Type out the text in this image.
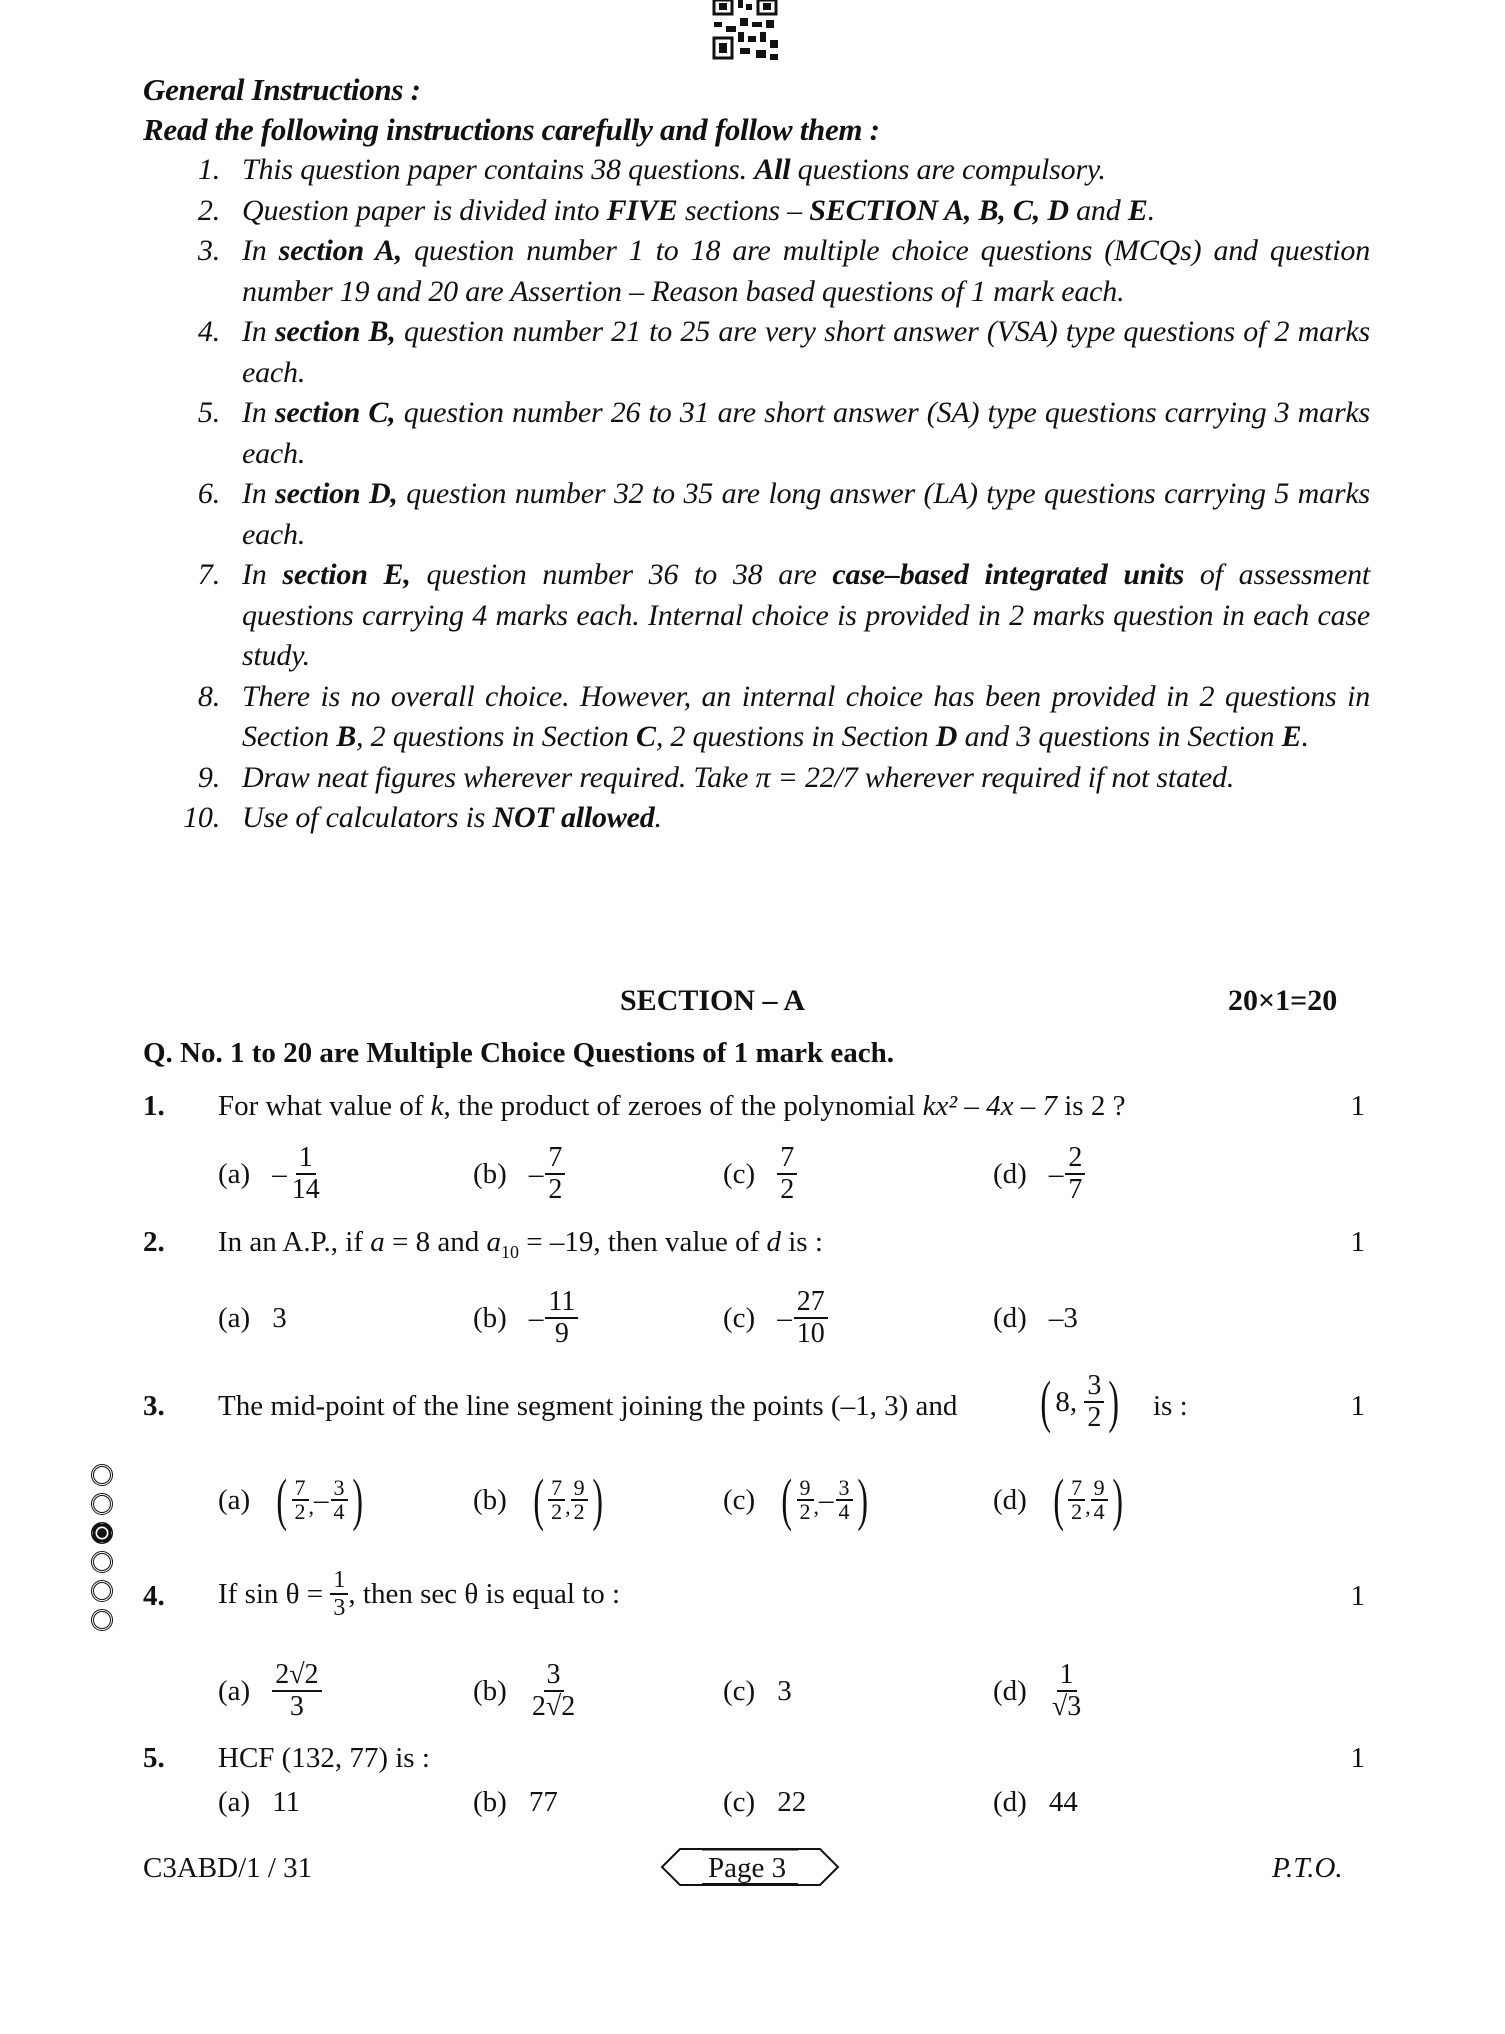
General Instructions :
Read the following instructions carefully and follow them :
1. This question paper contains 38 questions. All questions are compulsory.
2. Question paper is divided into FIVE sections – SECTION A, B, C, D and E.
3. In section A, question number 1 to 18 are multiple choice questions (MCQs) and question number 19 and 20 are Assertion – Reason based questions of 1 mark each.
4. In section B, question number 21 to 25 are very short answer (VSA) type questions of 2 marks each.
5. In section C, question number 26 to 31 are short answer (SA) type questions carrying 3 marks each.
6. In section D, question number 32 to 35 are long answer (LA) type questions carrying 5 marks each.
7. In section E, question number 36 to 38 are case–based integrated units of assessment questions carrying 4 marks each. Internal choice is provided in 2 marks question in each case study.
8. There is no overall choice. However, an internal choice has been provided in 2 questions in Section B, 2 questions in Section C, 2 questions in Section D and 3 questions in Section E.
9. Draw neat figures wherever required. Take π = 22/7 wherever required if not stated.
10. Use of calculators is NOT allowed.
SECTION – A	20×1=20
Q. No. 1 to 20 are Multiple Choice Questions of 1 mark each.
1. For what value of k, the product of zeroes of the polynomial kx² – 4x – 7 is 2 ?	1
$(a) - \frac{1}{14}$	$(b) - \frac{7}{2}$	$(c) \frac{7}{2}$	$(d) - \frac{2}{7}$
2. In an A.P., if a = 8 and $a_{10} = -19$, then value of d is :	1
(a) 3	$(b) - \frac{11}{9}$	$(c) - \frac{27}{10}$	(d) –3
3. The mid-point of the line segment joining the points (–1, 3) and ( 8,
$\frac{3}{2}$ ) is :	1
(a) ( $\frac{7}{2}$ , – $\frac{3}{4}$ )	(b) ( $\frac{7}{2}$ , $\frac{9}{2}$ )	(c) ( $\frac{9}{2}$ , – $\frac{3}{4}$ )	(d) ( $\frac{7}{2}$ , $\frac{9}{4}$ )
4. If sin θ =
$\frac{1}{3}$ , then sec θ is equal to :	1
$(a) \frac{2√2}{3}$	$(b) \frac{3}{2√2}$	(c) 3	$(d) \frac{1}{√3}$
5. HCF (132, 77) is :	1
(a) 11	(b) 77	(c) 22	(d) 44
C3ABD/1 / 31	Page 3	P.T.O.
